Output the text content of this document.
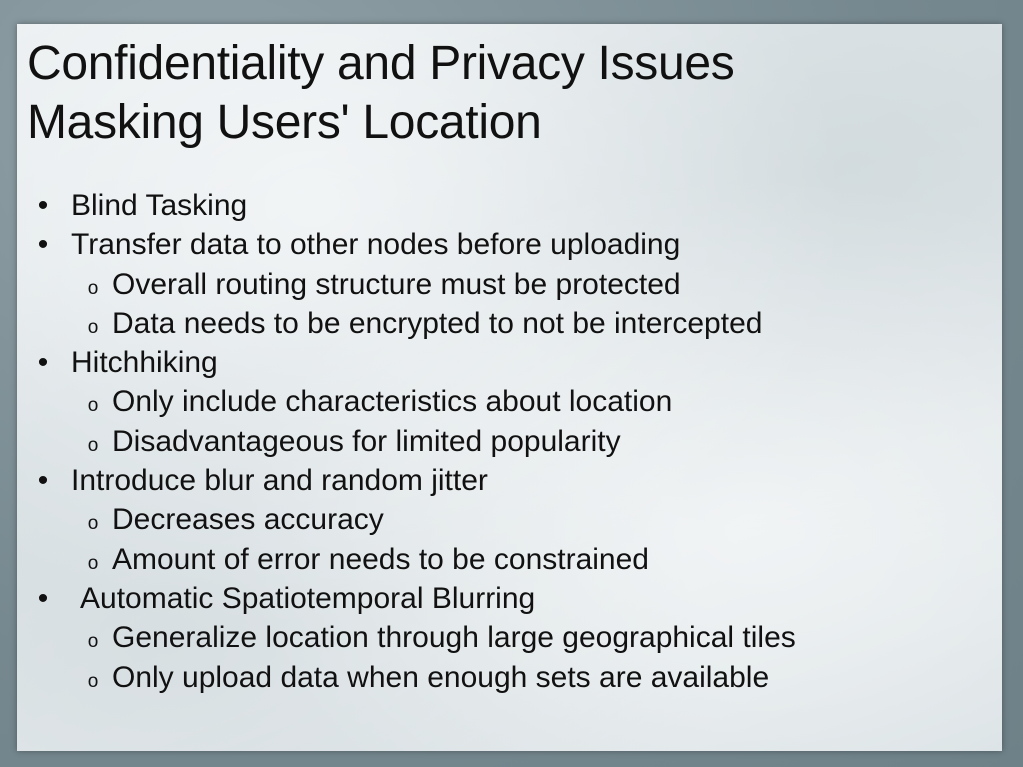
Confidentiality and Privacy Issues
Masking Users' Location
• Blind Tasking
• Transfer data to other nodes before uploading
o Overall routing structure must be protected
o Data needs to be encrypted to not be intercepted
• Hitchhiking
o Only include characteristics about location
o Disadvantageous for limited popularity
• Introduce blur and random jitter
o Decreases accuracy
o Amount of error needs to be constrained
• Automatic Spatiotemporal Blurring
o Generalize location through large geographical tiles
o Only upload data when enough sets are available
